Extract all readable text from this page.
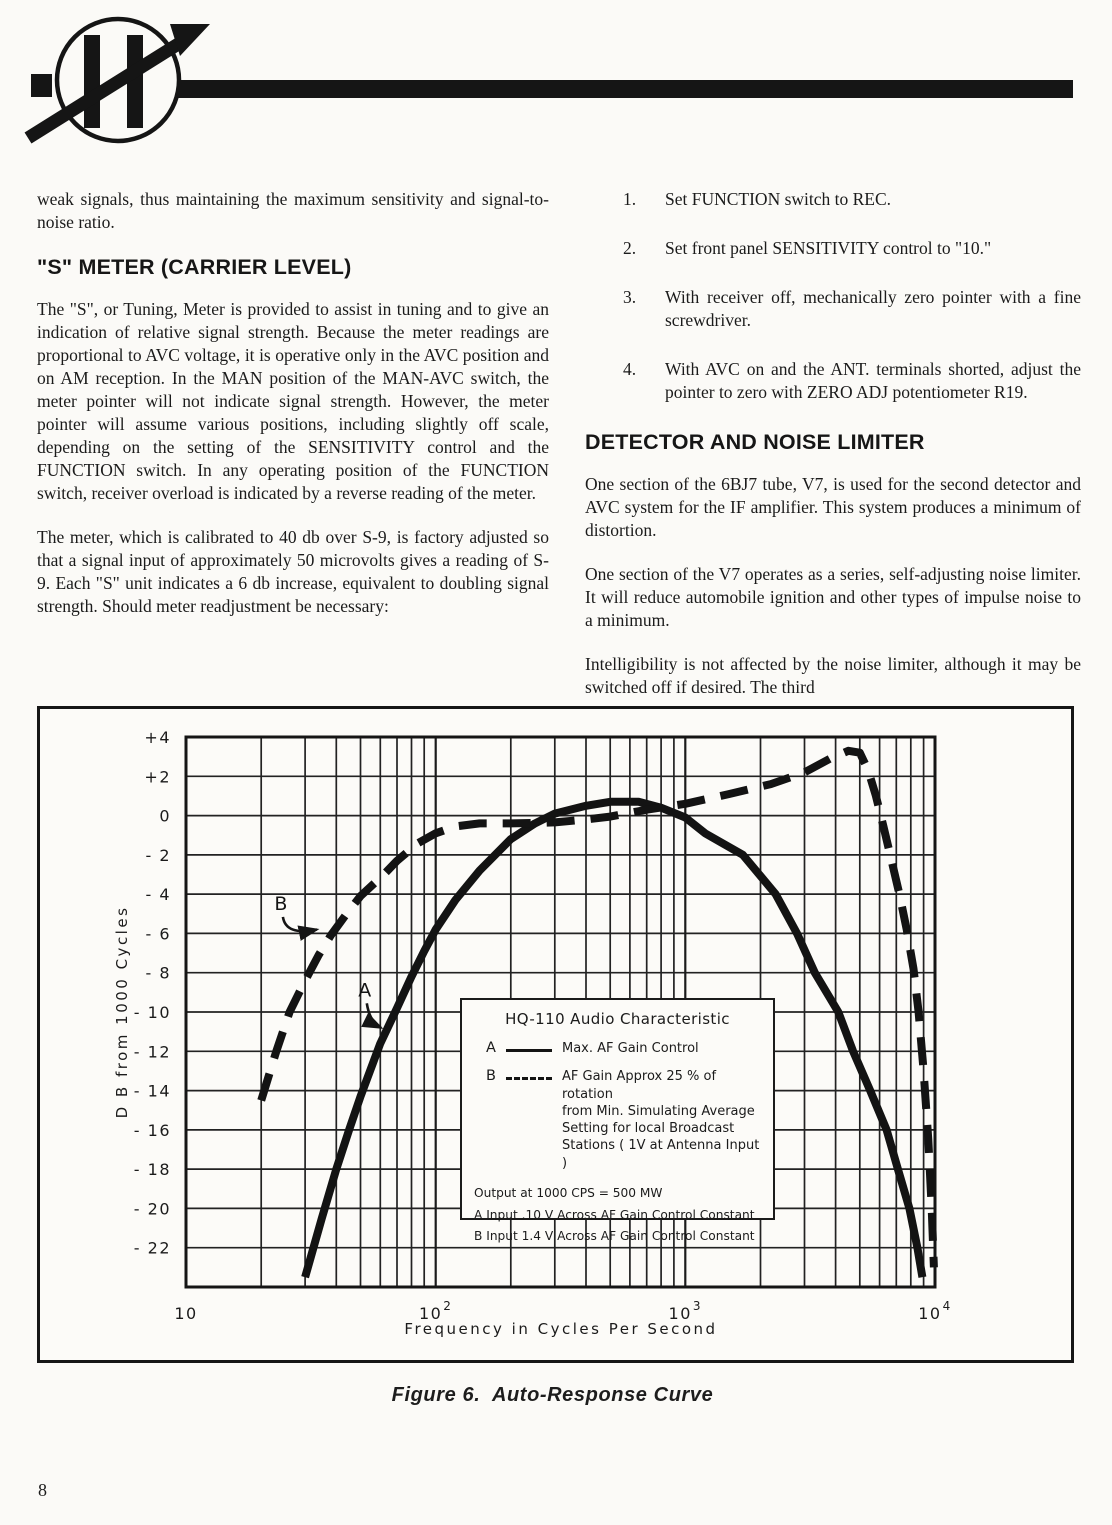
weak signals, thus maintaining the maximum sensitivity and signal-to-noise ratio.

"S" METER (CARRIER LEVEL)

The "S", or Tuning, Meter is provided to assist in tuning and to give an indication of relative signal strength. Because the meter readings are proportional to AVC voltage, it is operative only in the AVC position and on AM reception. In the MAN position of the MAN-AVC switch, the meter pointer will not indicate signal strength. However, the meter pointer will assume various positions, including slightly off scale, depending on the setting of the SENSITIVITY control and the FUNCTION switch. In any operating position of the FUNCTION switch, receiver overload is indicated by a reverse reading of the meter.

The meter, which is calibrated to 40 db over S-9, is factory adjusted so that a signal input of approximately 50 microvolts gives a reading of S-9. Each "S" unit indicates a 6 db increase, equivalent to doubling signal strength. Should meter readjustment be necessary:

1.	Set FUNCTION switch to REC.
2.	Set front panel SENSITIVITY control to "10."
3.	With receiver off, mechanically zero pointer with a fine screwdriver.
4.	With AVC on and the ANT. terminals shorted, adjust the pointer to zero with ZERO ADJ potentiometer R19.
DETECTOR AND NOISE LIMITER

One section of the 6BJ7 tube, V7, is used for the second detector and AVC system for the IF amplifier. This system produces a minimum of distortion.

One section of the V7 operates as a series, self-adjusting noise limiter. It will reduce automobile ignition and other types of impulse noise to a minimum.

Intelligibility is not affected by the noise limiter, although it may be switched off if desired. The third

+4
+2
0
- 2
- 4
- 6
- 8
- 10
- 12
- 14
- 16
- 18
- 20
- 22
10	$10^2$	$10^3$	$10^4$
Frequency in Cycles Per Second
D B from 1000 Cycles
B
A
HQ-110 Audio Characteristic
A	Max. AF Gain Control
B	AF Gain Approx 25 % of rotation
from Min. Simulating Average
Setting for local Broadcast
Stations ( 1V at Antenna Input )
Output at 1000 CPS = 500 MW
A Input .10 V Across AF Gain Control Constant
B Input 1.4 V Across AF Gain Control Constant
Figure 6.  Auto-Response Curve
8
